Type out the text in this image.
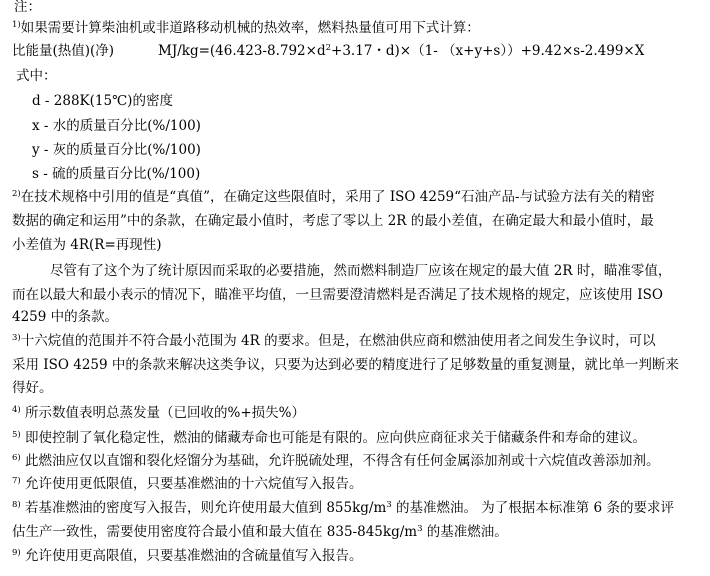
注：
$^{1)}$如果需要计算柴油机或非道路移动机械的热效率，燃料热量值可用下式计算：
比能量(热值)(净)	$MJ/kg=(46.423-8.792\times d^2+3.17$・d)×（1- （x+y+s））+9.42×s-2.499×X
式中：
d - 288K(15℃)的密度
x - 水的质量百分比(%/100)
y - 灰的质量百分比(%/100)
s - 硫的质量百分比(%/100)
$^{2)}$在技术规格中引用的值是“真值”，在确定这些限值时，采用了 ISO 4259“石油产品-与试验方法有关的精密
数据的确定和运用”中的条款，在确定最小值时，考虑了零以上 2R 的最小差值，在确定最大和最小值时，最
小差值为 4R(R=再现性)
尽管有了这个为了统计原因而采取的必要措施，然而燃料制造厂应该在规定的最大值 2R 时，瞄准零值，
而在以最大和最小表示的情况下，瞄准平均值，一旦需要澄清燃料是否满足了技术规格的规定，应该使用 ISO
4259 中的条款。
$^{3)}$十六烷值的范围并不符合最小范围为 4R 的要求。但是，在燃油供应商和燃油使用者之间发生争议时，可以
采用 ISO 4259 中的条款来解决这类争议，只要为达到必要的精度进行了足够数量的重复测量，就比单一判断来
得好。
$^{4)}$ 所示数值表明总蒸发量（已回收的%+损失%）
$^{5)}$ 即使控制了氧化稳定性，燃油的储藏寿命也可能是有限的。应向供应商征求关于储藏条件和寿命的建议。
$^{6)}$ 此燃油应仅以直馏和裂化烃馏分为基础，允许脱硫处理，不得含有任何金属添加剂或十六烷值改善添加剂。
$^{7)}$ 允许使用更低限值，只要基准燃油的十六烷值写入报告。
$^{8)}$ 若基准燃油的密度写入报告，则允许使用最大值到 $855kg/m^3$ 的基准燃油。 为了根据本标准第 6 条的要求评
估生产一致性，需要使用密度符合最小值和最大值在 $835-845kg/m^3$ 的基准燃油。
$^{9)}$ 允许使用更高限值，只要基准燃油的含硫量值写入报告。
